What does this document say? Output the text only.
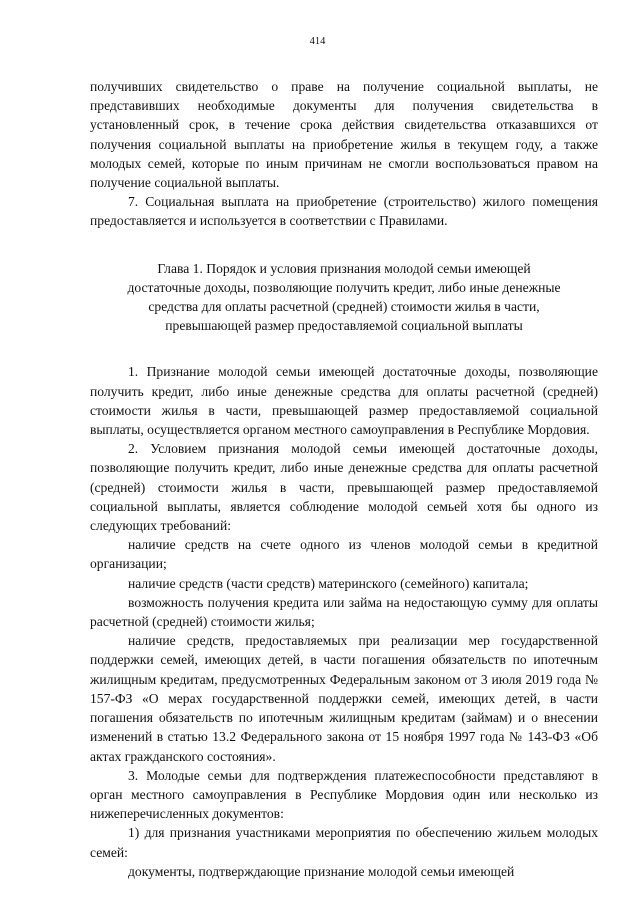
414

получивших свидетельство о праве на получение социальной выплаты, не представивших необходимые документы для получения свидетельства в установленный срок, в течение срока действия свидетельства отказавшихся от получения социальной выплаты на приобретение жилья в текущем году, а также молодых семей, которые по иным причинам не смогли воспользоваться правом на получение социальной выплаты.

7. Социальная выплата на приобретение (строительство) жилого помещения предоставляется и используется в соответствии с Правилами.

Глава 1. Порядок и условия признания молодой семьи имеющей
достаточные доходы, позволяющие получить кредит, либо иные денежные
средства для оплаты расчетной (средней) стоимости жилья в части,
превышающей размер предоставляемой социальной выплаты

1. Признание молодой семьи имеющей достаточные доходы, позволяющие получить кредит, либо иные денежные средства для оплаты расчетной (средней) стоимости жилья в части, превышающей размер предоставляемой социальной выплаты, осуществляется органом местного самоуправления в Республике Мордовия.

2. Условием признания молодой семьи имеющей достаточные доходы, позволяющие получить кредит, либо иные денежные средства для оплаты расчетной (средней) стоимости жилья в части, превышающей размер предоставляемой социальной выплаты, является соблюдение молодой семьей хотя бы одного из следующих требований:

наличие средств на счете одного из членов молодой семьи в кредитной организации;

наличие средств (части средств) материнского (семейного) капитала;

возможность получения кредита или займа на недостающую сумму для оплаты расчетной (средней) стоимости жилья;

наличие средств, предоставляемых при реализации мер государственной поддержки семей, имеющих детей, в части погашения обязательств по ипотечным жилищным кредитам, предусмотренных Федеральным законом от 3 июля 2019 года № 157-ФЗ «О мерах государственной поддержки семей, имеющих детей, в части погашения обязательств по ипотечным жилищным кредитам (займам) и о внесении изменений в статью 13.2 Федерального закона от 15 ноября 1997 года № 143-ФЗ «Об актах гражданского состояния».

3. Молодые семьи для подтверждения платежеспособности представляют в орган местного самоуправления в Республике Мордовия один или несколько из нижеперечисленных документов:

1) для признания участниками мероприятия по обеспечению жильем молодых семей:

документы, подтверждающие признание молодой семьи имеющей
